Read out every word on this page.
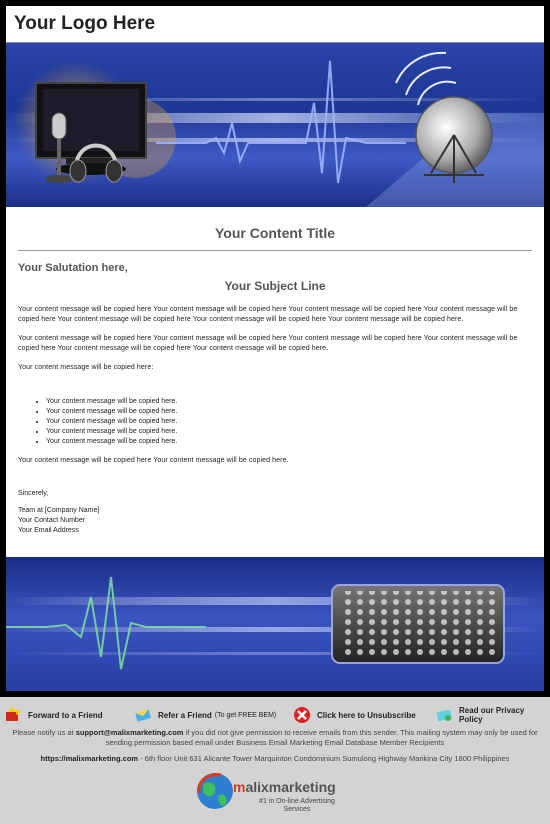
Your Logo Here
Your Content Title
Your Salutation here,
Your Subject Line
Your content message will be copied here Your content message will be copied here Your content message will be copied here Your content message will be copied here Your content message will be copied here Your content message will be copied here Your content message will be copied here.
Your content message will be copied here Your content message will be copied here Your content message will be copied here Your content message will be copied here Your content message will be copied here Your content message will be copied here.
Your content message will be copied here:
• Your content message will be copied here.
• Your content message will be copied here.
• Your content message will be copied here.
• Your content message will be copied here.
• Your content message will be copied here.
Your content message will be copied here Your content message will be copied here.
Sincerely,
Team at [Company Name]
Your Contact Number
Your Email Address
Forward to a Friend	Refer a Friend (To get FREE BEM)	Click here to Unsubscribe	Read our Privacy Policy
Please notify us at support@malixmarketing.com if you did not give permission to receive emails from this sender. This mailing system may only be used for sending permission based email under Business Email Marketing Email Database Member Recipients
https://malixmarketing.com - 6th floor Unit 631 Alicante Tower Marquinton Condominium Sumulong Highway Marikina City 1800 Philippines
malixmarketing
#1 in On-line Advertising Services
